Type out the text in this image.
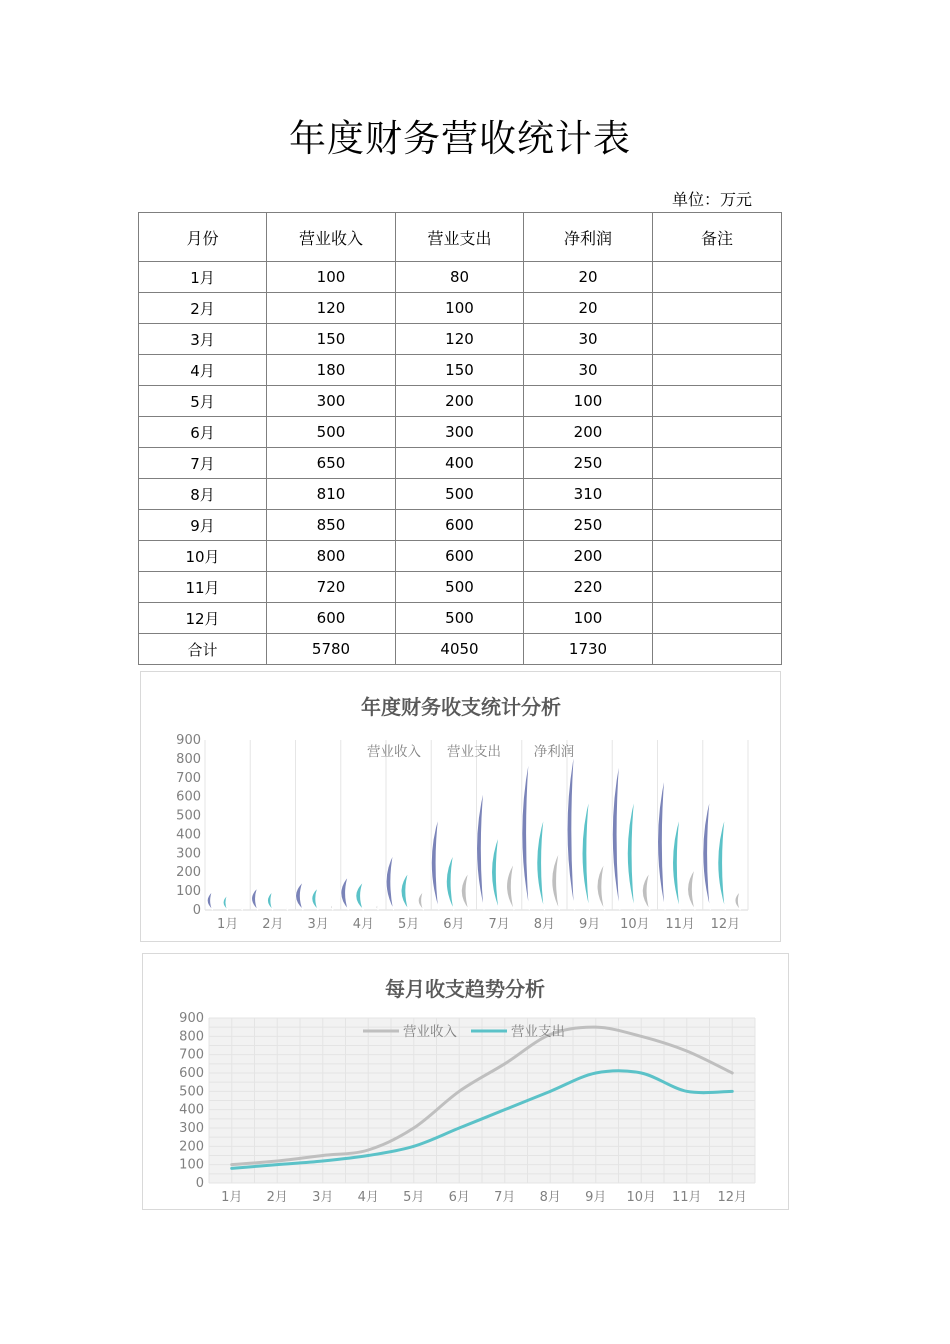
年度财务营收统计表
单位：万元
月份	营业收入	营业支出	净利润	备注
1月	100	80	20	
2月	120	100	20	
3月	150	120	30	
4月	180	150	30	
5月	300	200	100	
6月	500	300	200	
7月	650	400	250	
8月	810	500	310	
9月	850	600	250	
10月	800	600	200	
11月	720	500	220	
12月	600	500	100	
合计	5780	4050	1730	
年度财务收支统计分析
0
100
200
300
400
500
600
700
800
900
1月 2月 3月 4月 5月 6月 7月 8月 9月 10月 11月 12月
营业收入 营业支出 净利润
每月收支趋势分析
0
100
200
300
400
500
600
700
800
900
1月 2月 3月 4月 5月 6月 7月 8月 9月 10月 11月 12月
营业收入	营业支出
